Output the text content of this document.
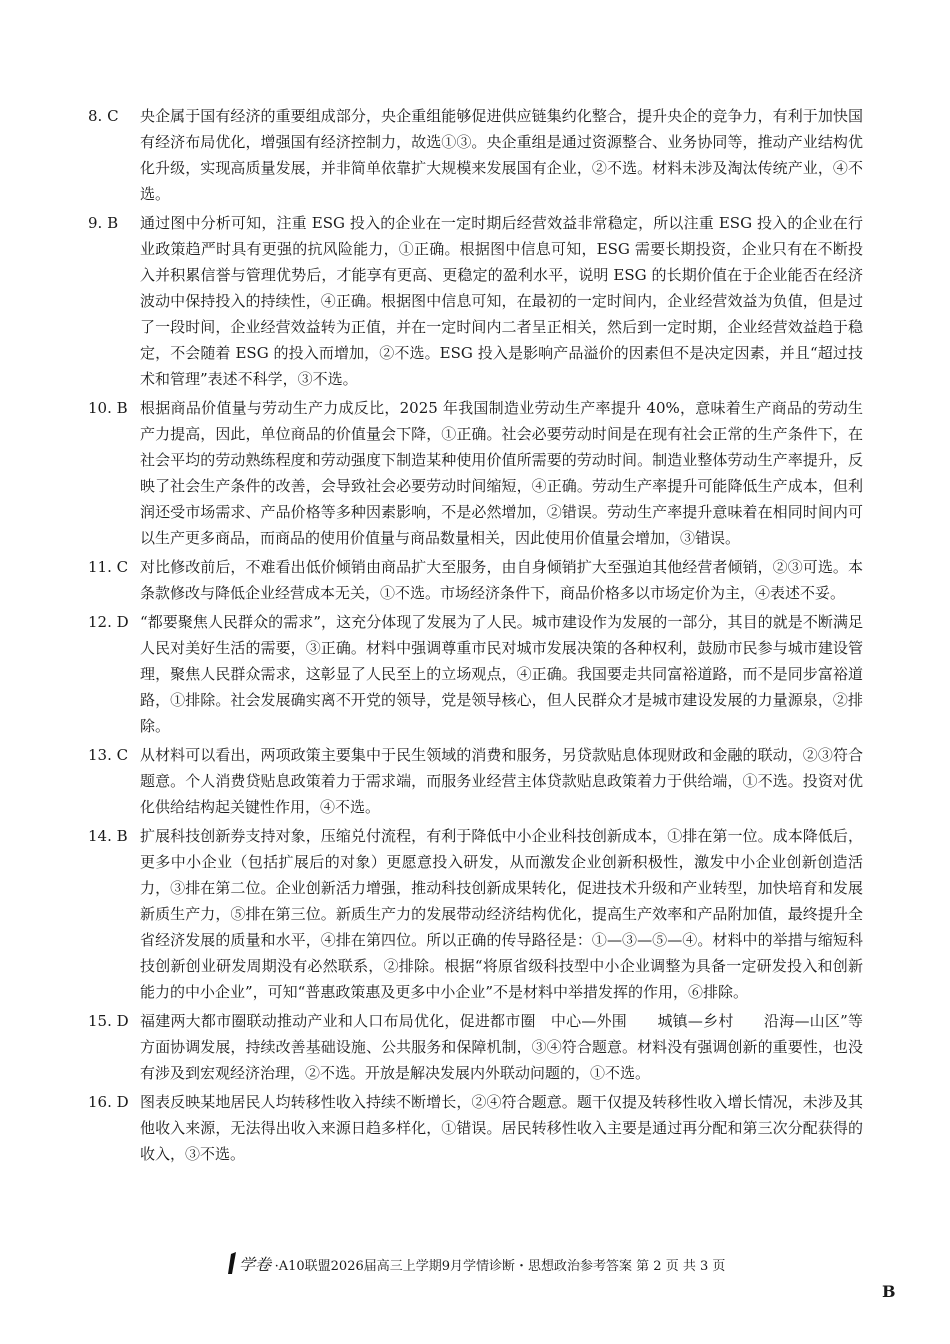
8. C	央企属于国有经济的重要组成部分，央企重组能够促进供应链集约化整合，提升央企的竞争力，有利于加快国有经济布局优化，增强国有经济控制力，故选①③。央企重组是通过资源整合、业务协同等，推动产业结构优化升级，实现高质量发展，并非简单依靠扩大规模来发展国有企业，②不选。材料未涉及淘汰传统产业，④不选。
9. B	通过图中分析可知，注重 ESG 投入的企业在一定时期后经营效益非常稳定，所以注重 ESG 投入的企业在行业政策趋严时具有更强的抗风险能力，①正确。根据图中信息可知，ESG 需要长期投资，企业只有在不断投入并积累信誉与管理优势后，才能享有更高、更稳定的盈利水平，说明 ESG 的长期价值在于企业能否在经济波动中保持投入的持续性，④正确。根据图中信息可知，在最初的一定时间内，企业经营效益为负值，但是过了一段时间，企业经营效益转为正值，并在一定时间内二者呈正相关，然后到一定时期，企业经营效益趋于稳定，不会随着 ESG 的投入而增加，②不选。ESG 投入是影响产品溢价的因素但不是决定因素，并且“超过技术和管理”表述不科学，③不选。
10. B 根据商品价值量与劳动生产力成反比，2025 年我国制造业劳动生产率提升 40%，意味着生产商品的劳动生产力提高，因此，单位商品的价值量会下降，①正确。社会必要劳动时间是在现有社会正常的生产条件下，在社会平均的劳动熟练程度和劳动强度下制造某种使用价值所需要的劳动时间。制造业整体劳动生产率提升，反映了社会生产条件的改善，会导致社会必要劳动时间缩短，④正确。劳动生产率提升可能降低生产成本，但利润还受市场需求、产品价格等多种因素影响，不是必然增加，②错误。劳动生产率提升意味着在相同时间内可以生产更多商品，而商品的使用价值量与商品数量相关，因此使用价值量会增加，③错误。
11. C 对比修改前后，不难看出低价倾销由商品扩大至服务，由自身倾销扩大至强迫其他经营者倾销，②③可选。本条款修改与降低企业经营成本无关，①不选。市场经济条件下，商品价格多以市场定价为主，④表述不妥。
12. D “都要聚焦人民群众的需求”，这充分体现了发展为了人民。城市建设作为发展的一部分，其目的就是不断满足人民对美好生活的需要，③正确。材料中强调尊重市民对城市发展决策的各种权利，鼓励市民参与城市建设管理，聚焦人民群众需求，这彰显了人民至上的立场观点，④正确。我国要走共同富裕道路，而不是同步富裕道路，①排除。社会发展确实离不开党的领导，党是领导核心，但人民群众才是城市建设发展的力量源泉，②排除。
13. C 从材料可以看出，两项政策主要集中于民生领域的消费和服务，另贷款贴息体现财政和金融的联动，②③符合题意。个人消费贷贴息政策着力于需求端，而服务业经营主体贷款贴息政策着力于供给端，①不选。投资对优化供给结构起关键性作用，④不选。
14. B 扩展科技创新券支持对象，压缩兑付流程，有利于降低中小企业科技创新成本，①排在第一位。成本降低后，更多中小企业（包括扩展后的对象）更愿意投入研发，从而激发企业创新积极性，激发中小企业创新创造活力，③排在第二位。企业创新活力增强，推动科技创新成果转化，促进技术升级和产业转型，加快培育和发展新质生产力，⑤排在第三位。新质生产力的发展带动经济结构优化，提高生产效率和产品附加值，最终提升全省经济发展的质量和水平，④排在第四位。所以正确的传导路径是：①—③—⑤—④。材料中的举措与缩短科技创新创业研发周期没有必然联系，②排除。根据“将原省级科技型中小企业调整为具备一定研发投入和创新能力的中小企业”，可知“普惠政策惠及更多中小企业”不是材料中举措发挥的作用，⑥排除。
15. D 福建两大都市圈联动推动产业和人口布局优化，促进都市圈　中心—外围　　城镇—乡村　　沿海—山区”等方面协调发展，持续改善基础设施、公共服务和保障机制，③④符合题意。材料没有强调创新的重要性，也没有涉及到宏观经济治理，②不选。开放是解决发展内外联动问题的，①不选。
16. D 图表反映某地居民人均转移性收入持续不断增长，②④符合题意。题干仅提及转移性收入增长情况，未涉及其他收入来源，无法得出收入来源日趋多样化，①错误。居民转移性收入主要是通过再分配和第三次分配获得的收入，③不选。
学卷 ·A10联盟2026届高三上学期9月学情诊断・思想政治参考答案 第 2 页 共 3 页
B
